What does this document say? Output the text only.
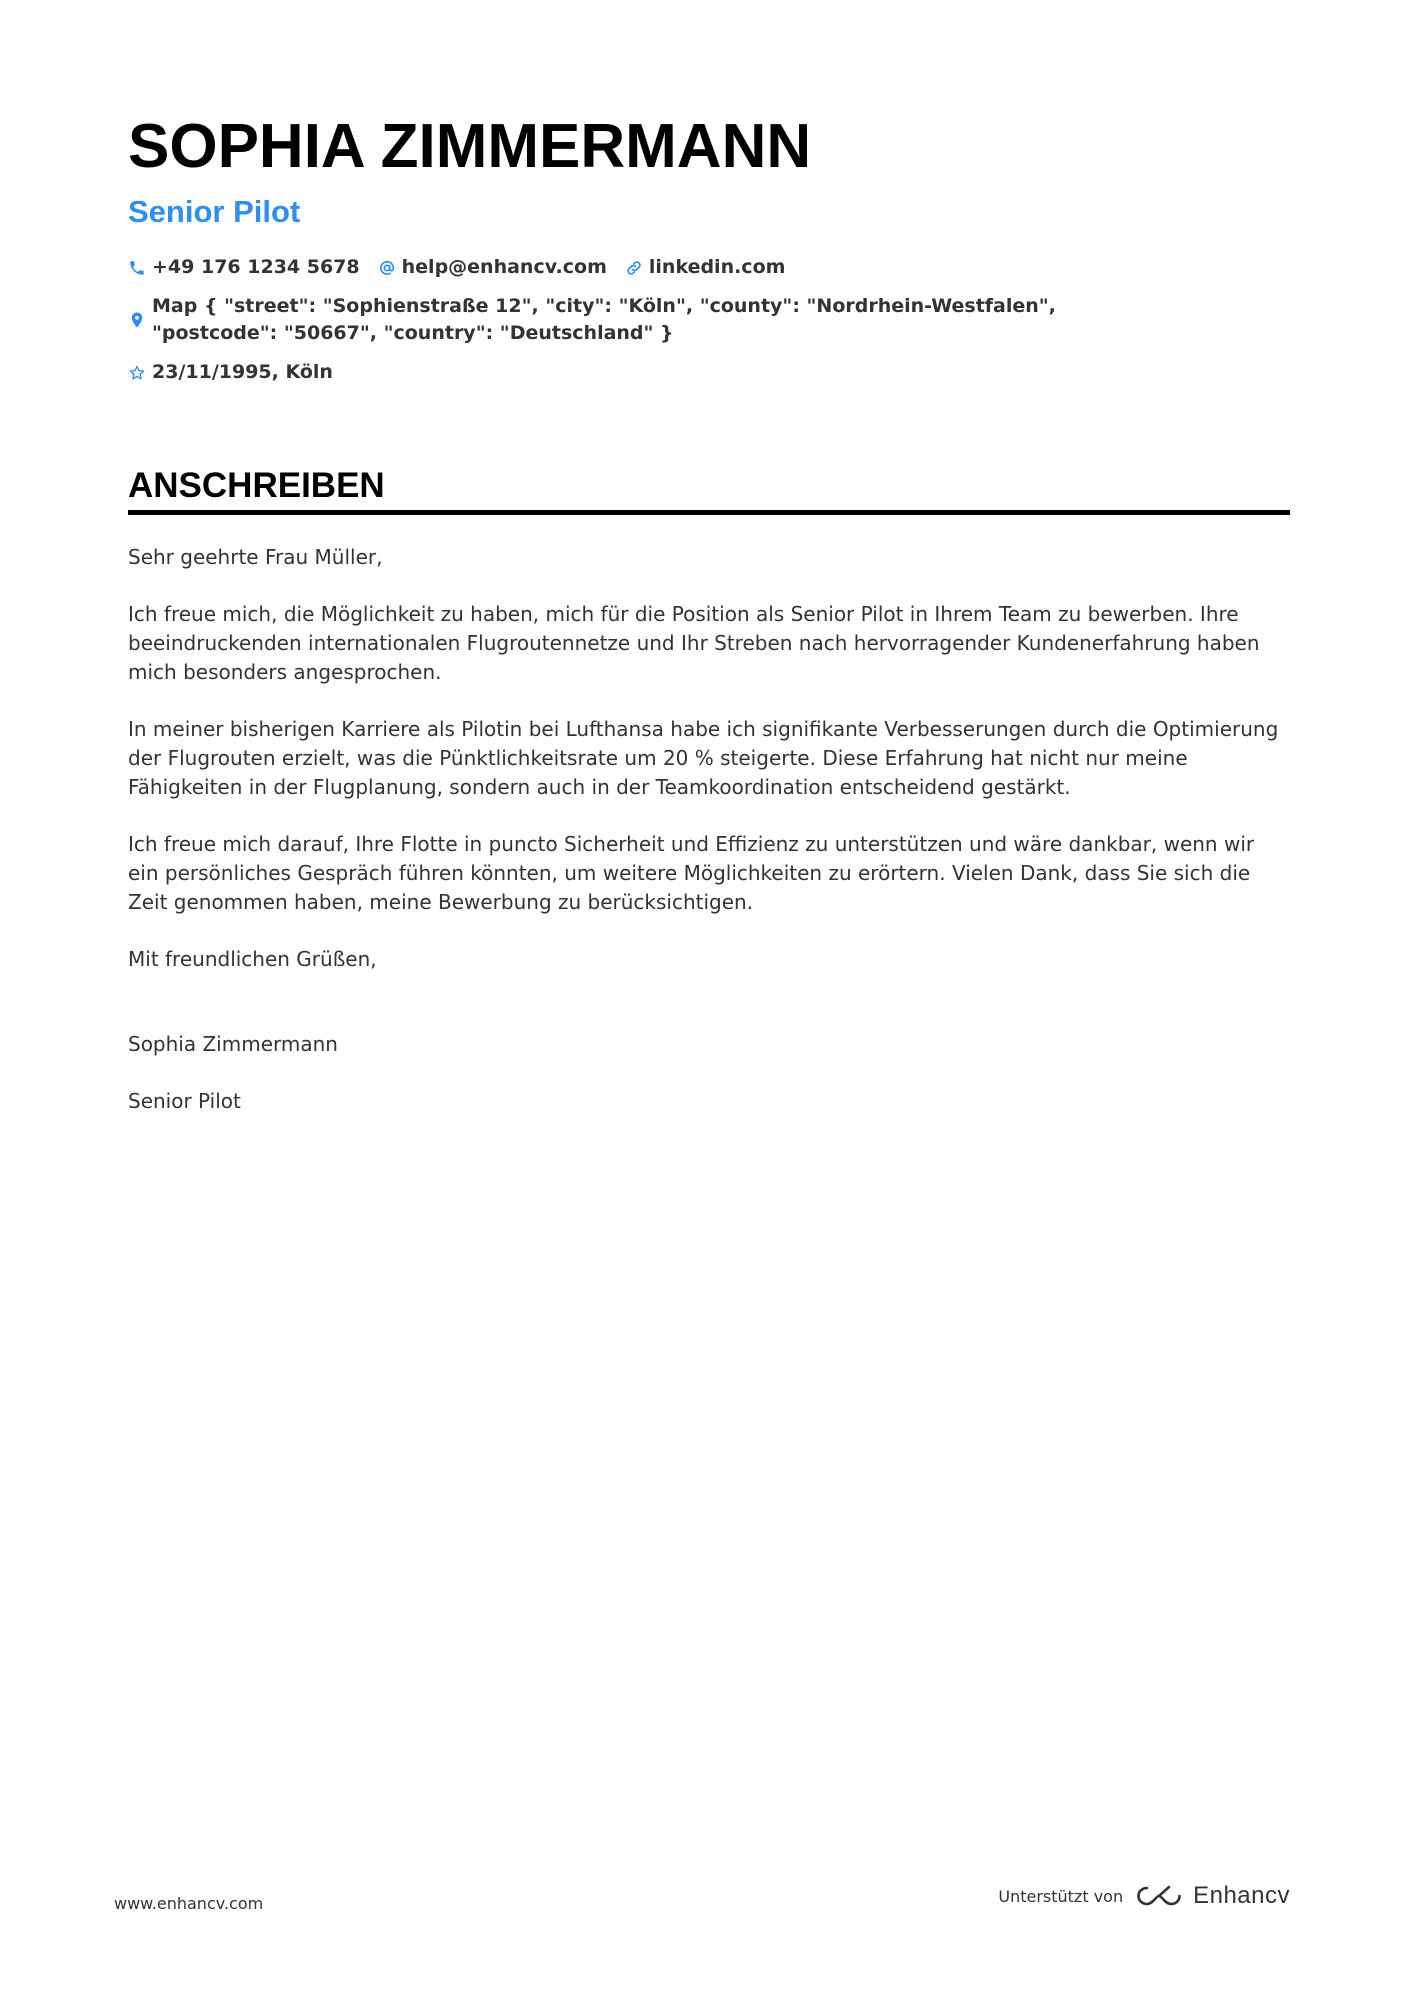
SOPHIA ZIMMERMANN
Senior Pilot
+49 176 1234 5678 help@enhancv.com linkedin.com
Map { "street": "Sophienstraße 12", "city": "Köln", "county": "Nordrhein-Westfalen", "postcode": "50667", "country": "Deutschland" }
23/11/1995, Köln
ANSCHREIBEN

Sehr geehrte Frau Müller,

Ich freue mich, die Möglichkeit zu haben, mich für die Position als Senior Pilot in Ihrem Team zu bewerben. Ihre beeindruckenden internationalen Flugroutennetze und Ihr Streben nach hervorragender Kundenerfahrung haben mich besonders angesprochen.

In meiner bisherigen Karriere als Pilotin bei Lufthansa habe ich signifikante Verbesserungen durch die Optimierung der Flugrouten erzielt, was die Pünktlichkeitsrate um 20 % steigerte. Diese Erfahrung hat nicht nur meine Fähigkeiten in der Flugplanung, sondern auch in der Teamkoordination entscheidend gestärkt.

Ich freue mich darauf, Ihre Flotte in puncto Sicherheit und Effizienz zu unterstützen und wäre dankbar, wenn wir ein persönliches Gespräch führen könnten, um weitere Möglichkeiten zu erörtern. Vielen Dank, dass Sie sich die Zeit genommen haben, meine Bewerbung zu berücksichtigen.

Mit freundlichen Grüßen,

Sophia Zimmermann

Senior Pilot

www.enhancv.com	Unterstützt von	Enhancv
